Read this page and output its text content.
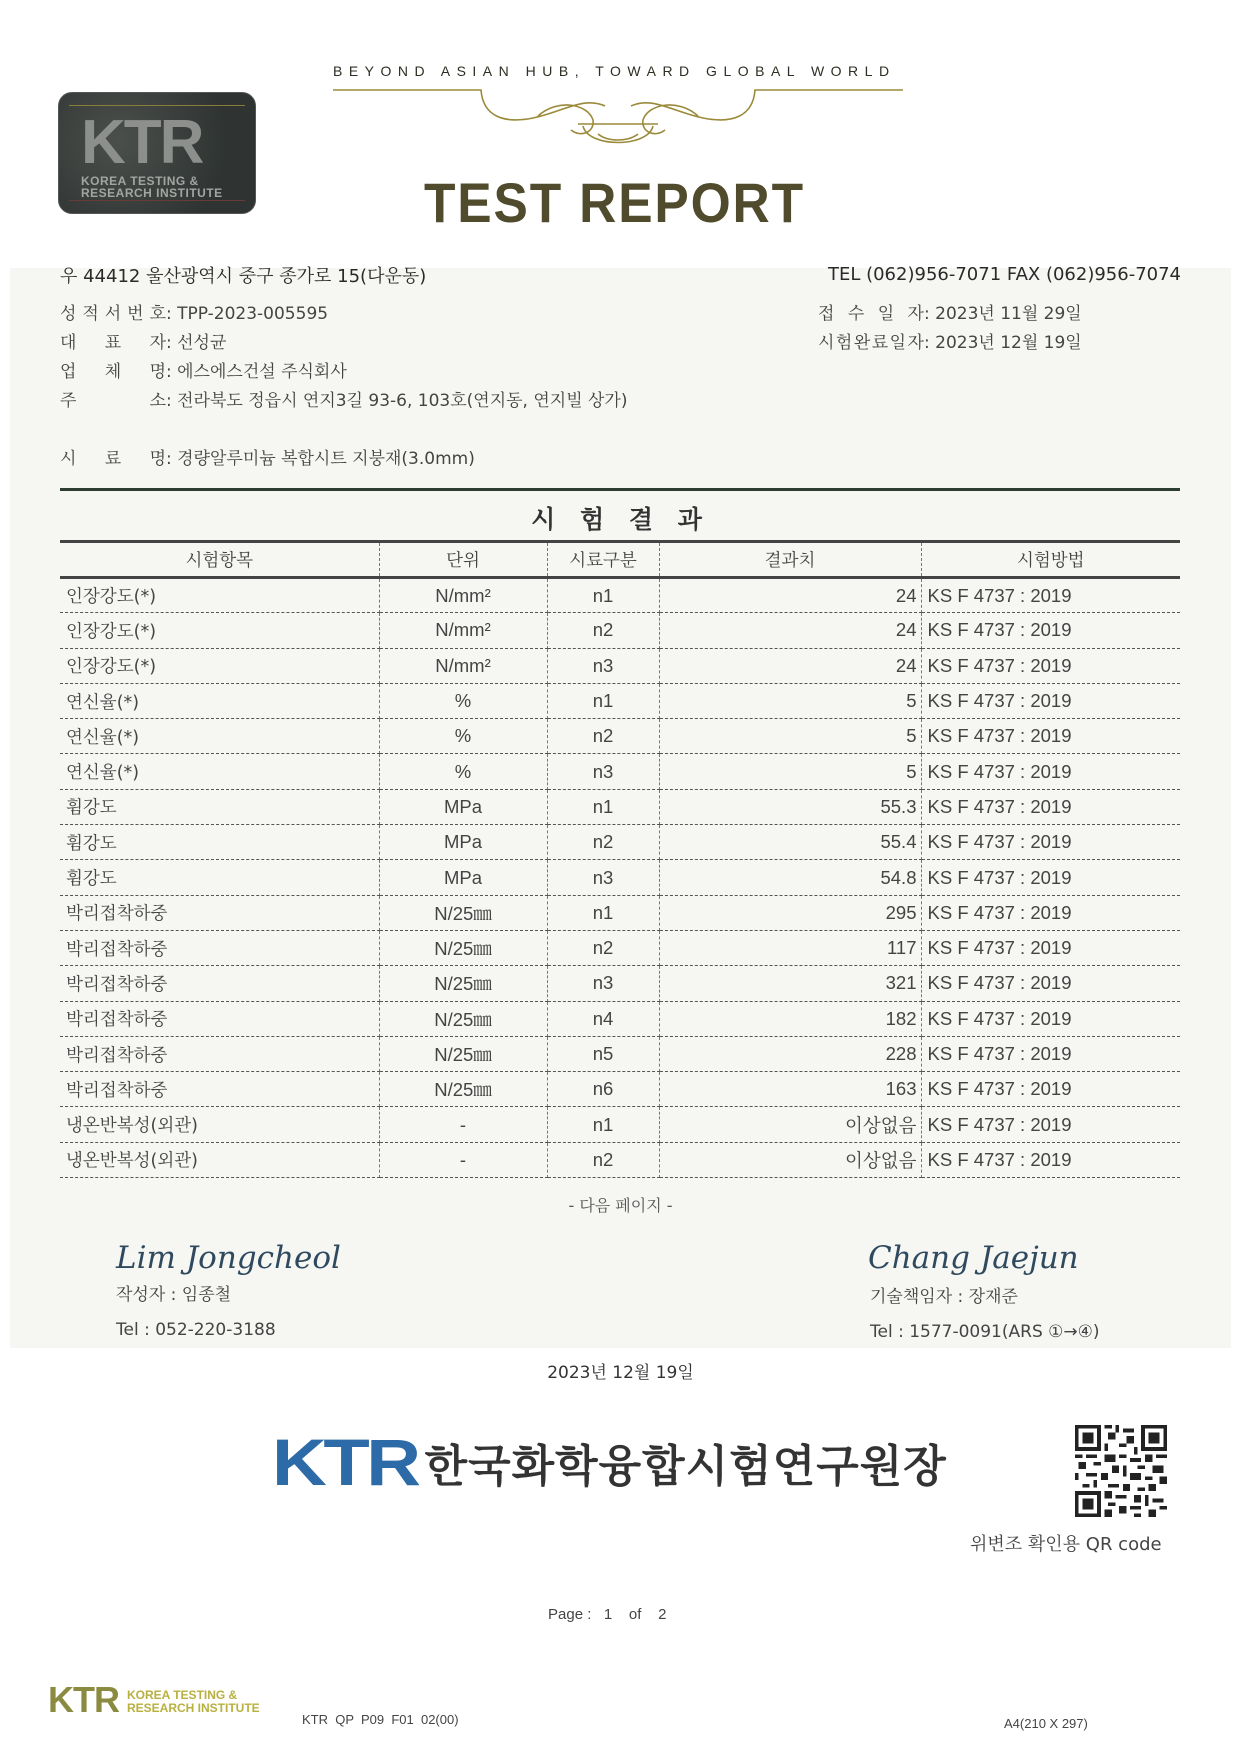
KTR
KOREA TESTING &
RESEARCH INSTITUTE
BEYOND ASIAN HUB, TOWARD GLOBAL WORLD
TEST REPORT
우 44412 울산광역시 중구 종가로 15(다운동)	TEL (062)956-7071 FAX (062)956-7074
성 적 서 번 호 : TPP-2023-005595
대 표 자 : 선성균
업 체 명 : 에스에스건설 주식회사
주	소 : 전라북도 정읍시 연지3길 93-6, 103호(연지동, 연지빌 상가)
시 료 명 : 경량알루미늄 복합시트 지붕재(3.0mm)
접 수 일 자 : 2023년 11월 29일
시 험 완 료 일 자 : 2023년 12월 19일
시 험 결 과
시험항목	단위	시료구분	결과치	시험방법
인장강도(*)	N/mm²	n1	24	KS F 4737 : 2019
인장강도(*)	N/mm²	n2	24	KS F 4737 : 2019
인장강도(*)	N/mm²	n3	24	KS F 4737 : 2019
연신율(*)	%	n1	5	KS F 4737 : 2019
연신율(*)	%	n2	5	KS F 4737 : 2019
연신율(*)	%	n3	5	KS F 4737 : 2019
휨강도	MPa	n1	55.3	KS F 4737 : 2019
휨강도	MPa	n2	55.4	KS F 4737 : 2019
휨강도	MPa	n3	54.8	KS F 4737 : 2019
박리접착하중	N/25㎜	n1	295	KS F 4737 : 2019
박리접착하중	N/25㎜	n2	117	KS F 4737 : 2019
박리접착하중	N/25㎜	n3	321	KS F 4737 : 2019
박리접착하중	N/25㎜	n4	182	KS F 4737 : 2019
박리접착하중	N/25㎜	n5	228	KS F 4737 : 2019
박리접착하중	N/25㎜	n6	163	KS F 4737 : 2019
냉온반복성(외관)	-	n1	이상없음	KS F 4737 : 2019
냉온반복성(외관)	-	n2	이상없음	KS F 4737 : 2019
- 다음 페이지 -
Lim Jongcheol
작성자 : 임종철
Tel : 052-220-3188
Chang Jaejun
기술책임자 : 장재준
Tel : 1577-0091(ARS ①→④)
2023년 12월 19일
KTR 한국화학융합시험연구원장
위변조 확인용 QR code
Page : 1 of 2
KTR KOREA TESTING &
RESEARCH INSTITUTE
KTR  QP  P09  F01  02(00)	A4(210 X 297)
